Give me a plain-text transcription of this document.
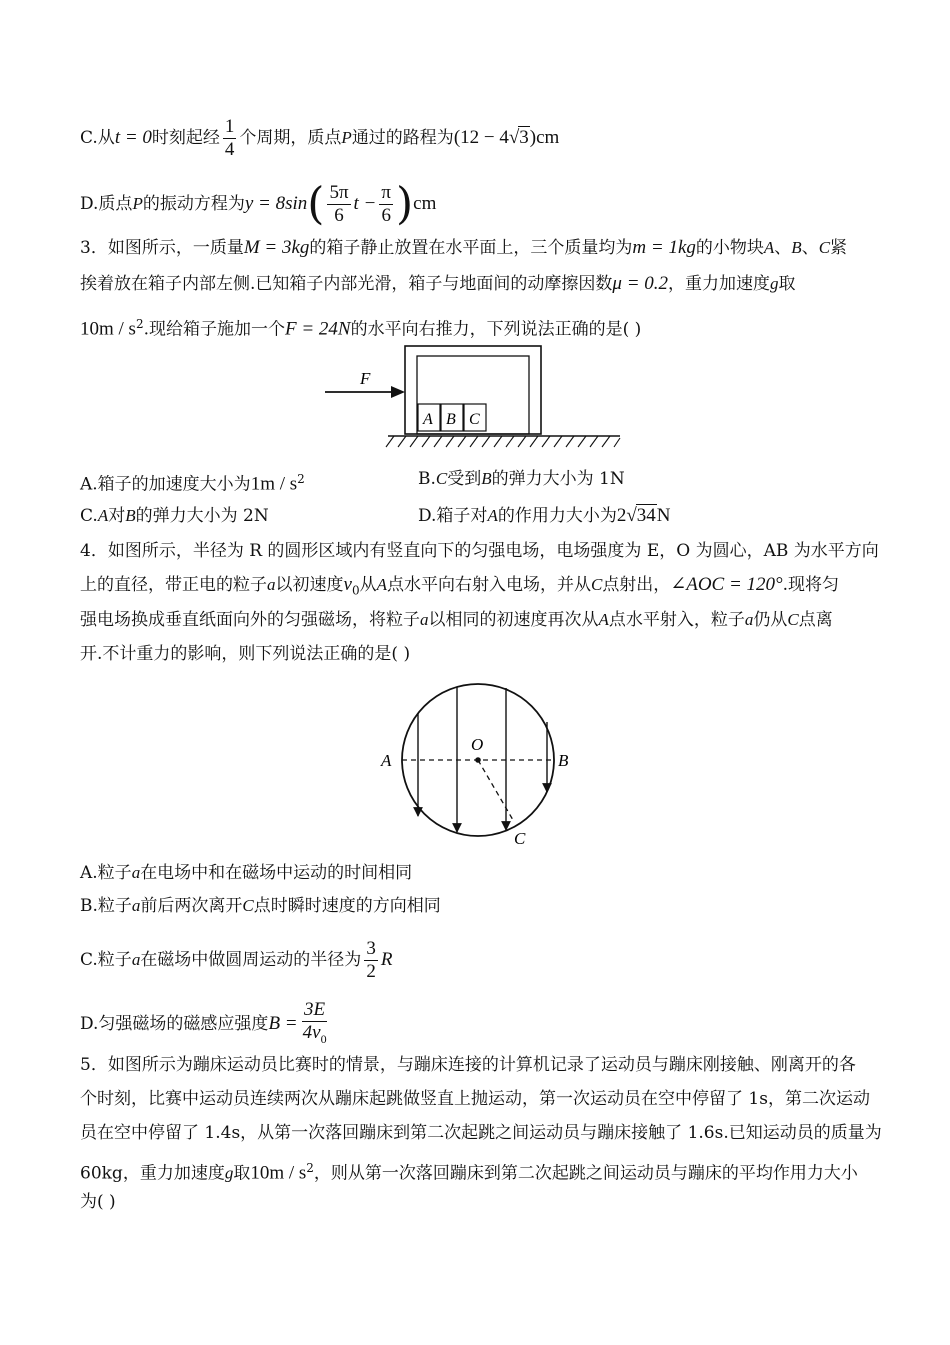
C.从t = 0时刻起经 $\frac{1}{4}$ 个周期，质点P通过的路程为(12 − 4√3)cm
D.质点P的振动方程为$y = 8\sin( \frac{5\pi}{6}$ $t - \frac{\pi}{6} )cm$
3．如图所示，一质量M = 3kg的箱子静止放置在水平面上，三个质量均为m = 1kg的小物块A、B、C紧
挨着放在箱子内部左侧.已知箱子内部光滑，箱子与地面间的动摩擦因数μ = 0.2，重力加速度g取
$10m / s^2$.现给箱子施加一个F = 24N的水平向右推力，下列说法正确的是( )
A B C
F
A.箱子的加速度大小为$1m / s^2$	B.C受到B的弹力大小为 1N
C.A对B的弹力大小为 2N	D.箱子对A的作用力大小为2√34N
4．如图所示，半径为 R 的圆形区域内有竖直向下的匀强电场，电场强度为 E，O 为圆心，AB 为水平方向
上的直径，带正电的粒子a以初速度$v_0$从A点水平向右射入电场，并从C点射出，∠AOC = 120°.现将匀
强电场换成垂直纸面向外的匀强磁场，将粒子a以相同的初速度再次从A点水平射入，粒子a仍从C点离
开.不计重力的影响，则下列说法正确的是( )
A
O
B
C
A.粒子a在电场中和在磁场中运动的时间相同
B.粒子a前后两次离开C点时瞬时速度的方向相同
C.粒子a在磁场中做圆周运动的半径为 $\frac{3}{2}$ R
D.匀强磁场的磁感应强度$B = \frac{3E}{4v_0}$
5．如图所示为蹦床运动员比赛时的情景，与蹦床连接的计算机记录了运动员与蹦床刚接触、刚离开的各
个时刻，比赛中运动员连续两次从蹦床起跳做竖直上抛运动，第一次运动员在空中停留了 1s，第二次运动
员在空中停留了 1.4s，从第一次落回蹦床到第二次起跳之间运动员与蹦床接触了 1.6s.已知运动员的质量为
60kg，重力加速度g取$10m / s^2$，则从第一次落回蹦床到第二次起跳之间运动员与蹦床的平均作用力大小
为( )
